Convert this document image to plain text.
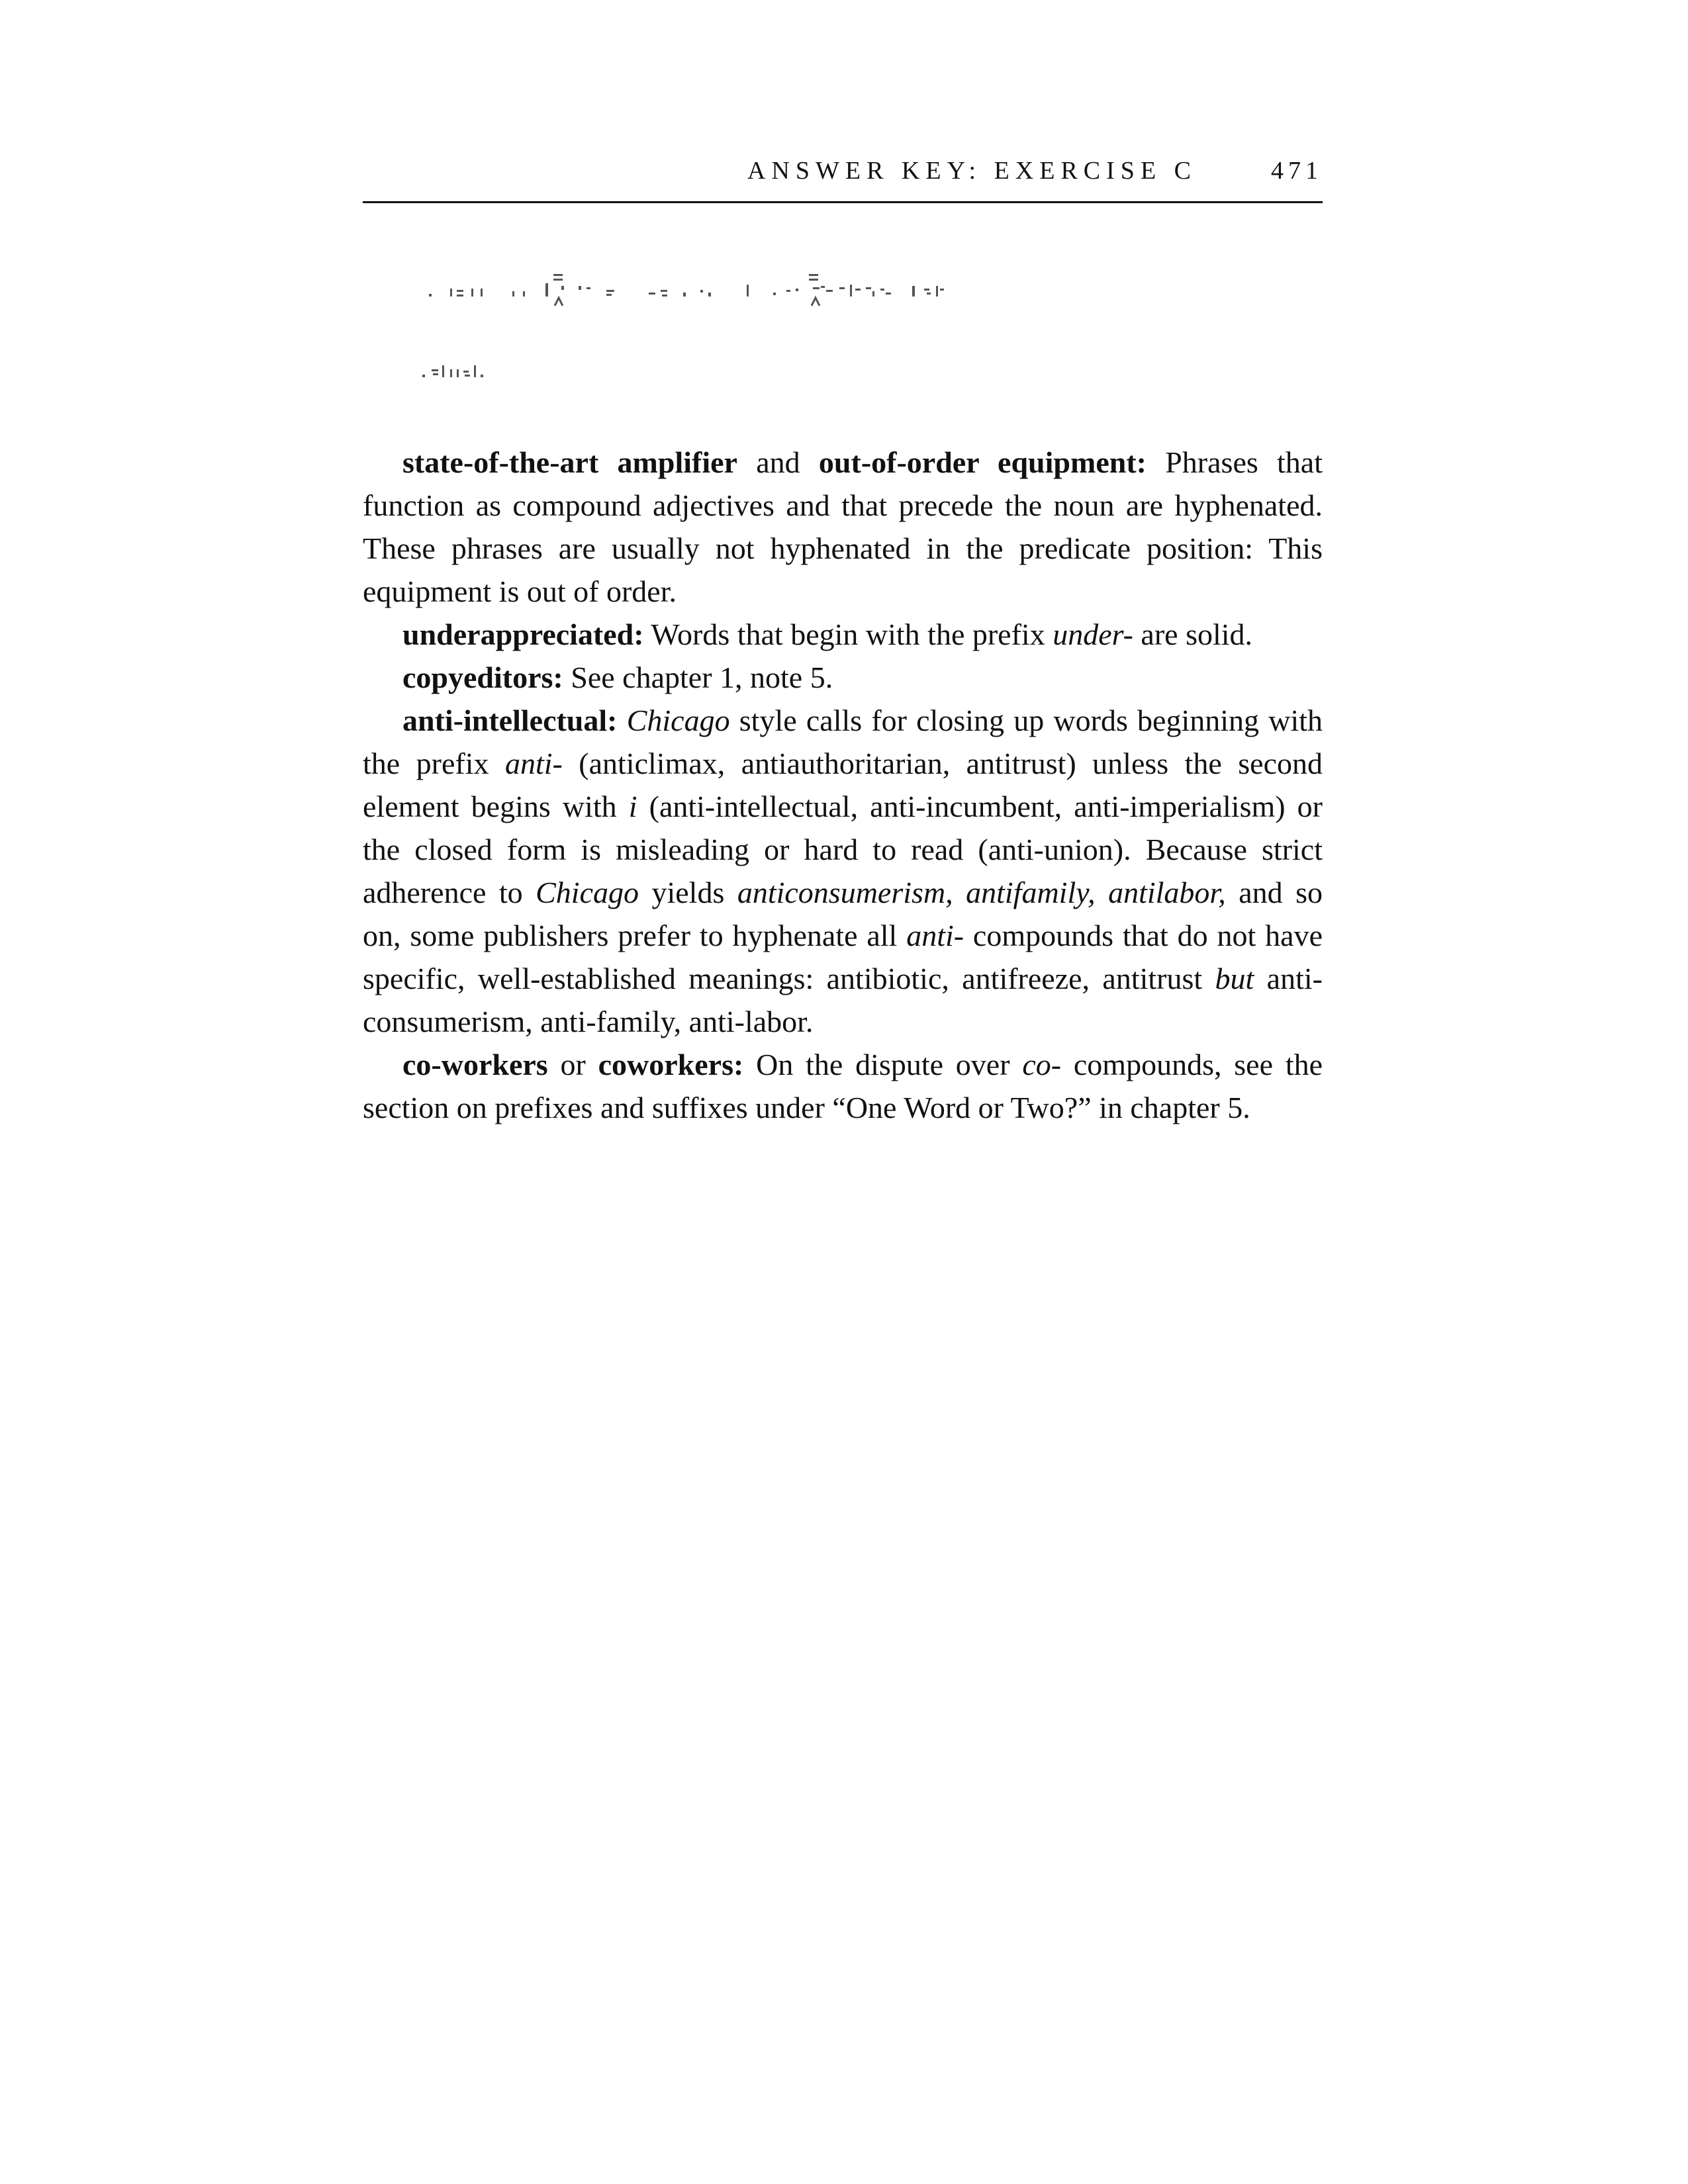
ANSWER KEY: EXERCISE C	471

state-of-the-art amplifier and out-of-order equipment: Phrases that function as compound adjectives and that precede the noun are hyphenated. These phrases are usually not hyphenated in the predicate position: This equipment is out of order.

underappreciated: Words that begin with the prefix under- are solid.

copyeditors: See chapter 1, note 5.

anti-intellectual: Chicago style calls for closing up words beginning with the prefix anti- (anticlimax, antiauthoritarian, antitrust) unless the second element begins with i (anti-intellectual, anti-incumbent, anti-imperialism) or the closed form is misleading or hard to read (anti-union). Because strict adherence to Chicago yields anticonsumerism, antifamily, antilabor, and so on, some publishers prefer to hyphenate all anti- compounds that do not have specific, well-established meanings: antibiotic, antifreeze, antitrust but anticonsumerism, anti-family, anti-labor.

co-workers or coworkers: On the dispute over co- compounds, see the section on prefixes and suffixes under “One Word or Two?” in chapter 5.
